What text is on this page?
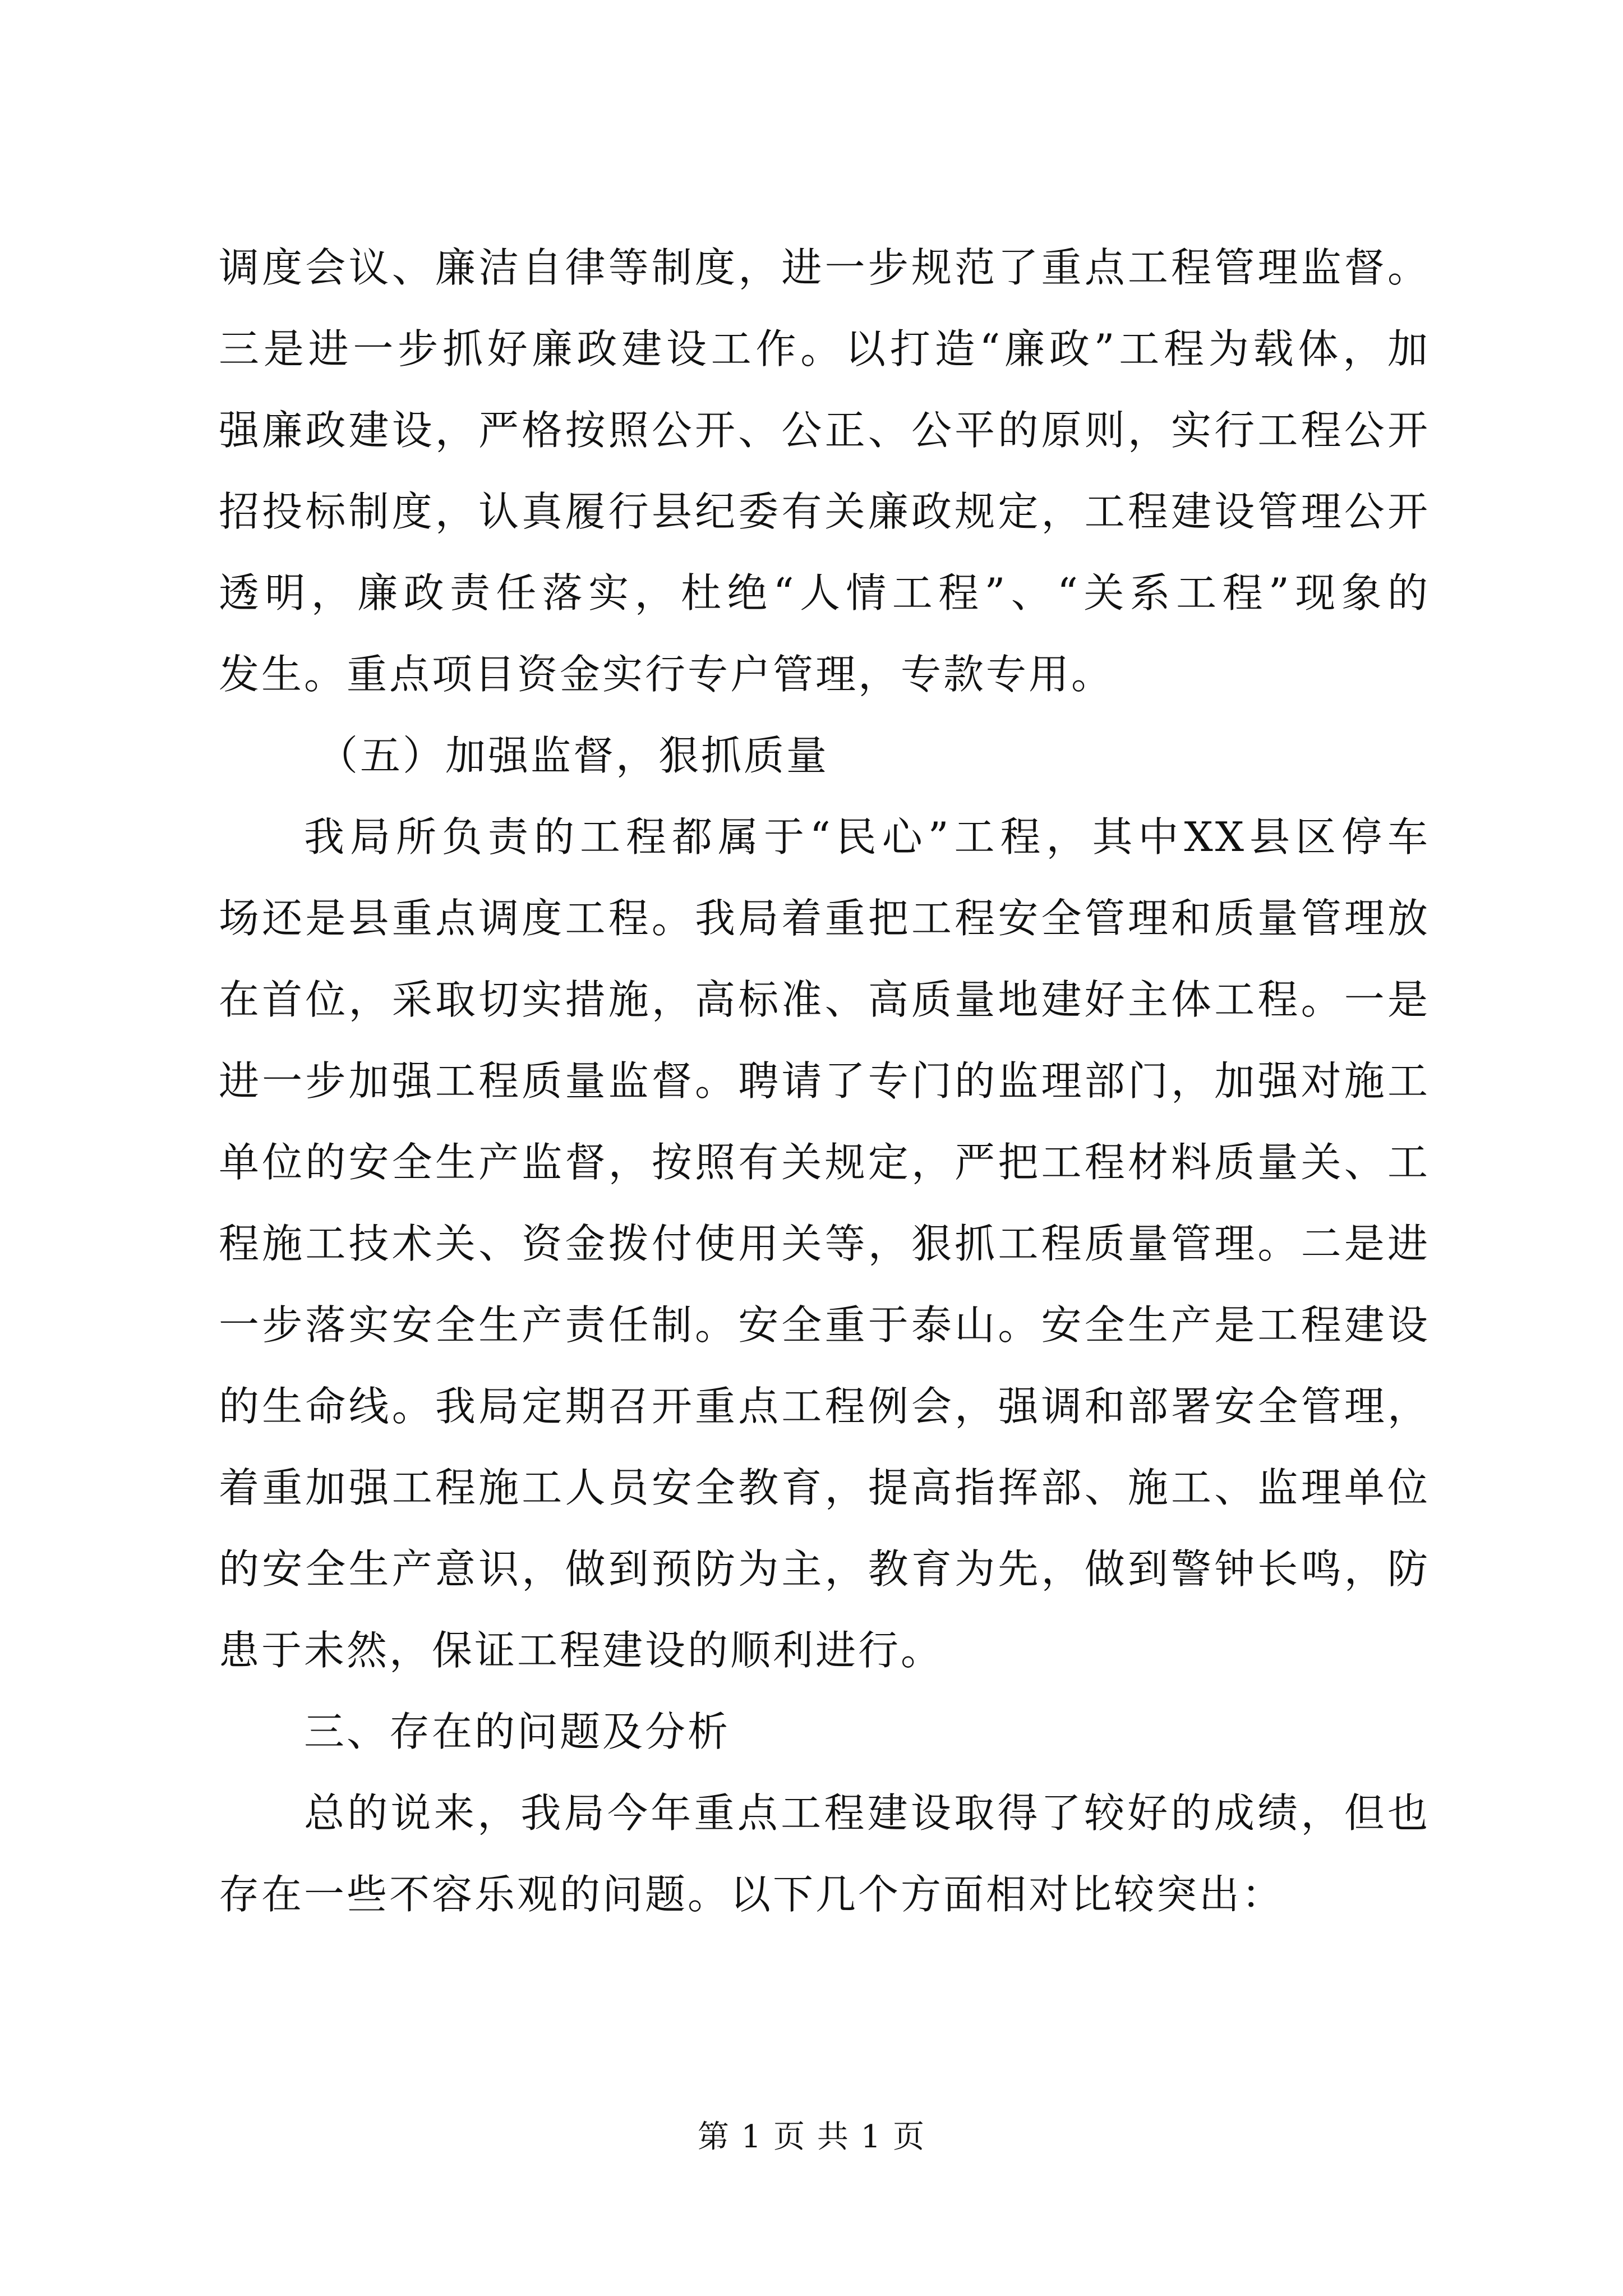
调度会议、廉洁自律等制度，进一步规范了重点工程管理监督。
三是进一步抓好廉政建设工作。以打造“廉政”工程为载体，加
强廉政建设，严格按照公开、公正、公平的原则，实行工程公开
招投标制度，认真履行县纪委有关廉政规定，工程建设管理公开
透明，廉政责任落实，杜绝“人情工程”、“关系工程”现象的
发生。重点项目资金实行专户管理，专款专用。
（五）加强监督，狠抓质量
我局所负责的工程都属于“民心”工程，其中XX县区停车
场还是县重点调度工程。我局着重把工程安全管理和质量管理放
在首位，采取切实措施，高标准、高质量地建好主体工程。一是
进一步加强工程质量监督。聘请了专门的监理部门，加强对施工
单位的安全生产监督，按照有关规定，严把工程材料质量关、工
程施工技术关、资金拨付使用关等，狠抓工程质量管理。二是进
一步落实安全生产责任制。安全重于泰山。安全生产是工程建设
的生命线。我局定期召开重点工程例会，强调和部署安全管理，
着重加强工程施工人员安全教育，提高指挥部、施工、监理单位
的安全生产意识，做到预防为主，教育为先，做到警钟长鸣，防
患于未然，保证工程建设的顺利进行。
三、存在的问题及分析
总的说来，我局今年重点工程建设取得了较好的成绩，但也
存在一些不容乐观的问题。以下几个方面相对比较突出：
第 1 页 共 1 页
